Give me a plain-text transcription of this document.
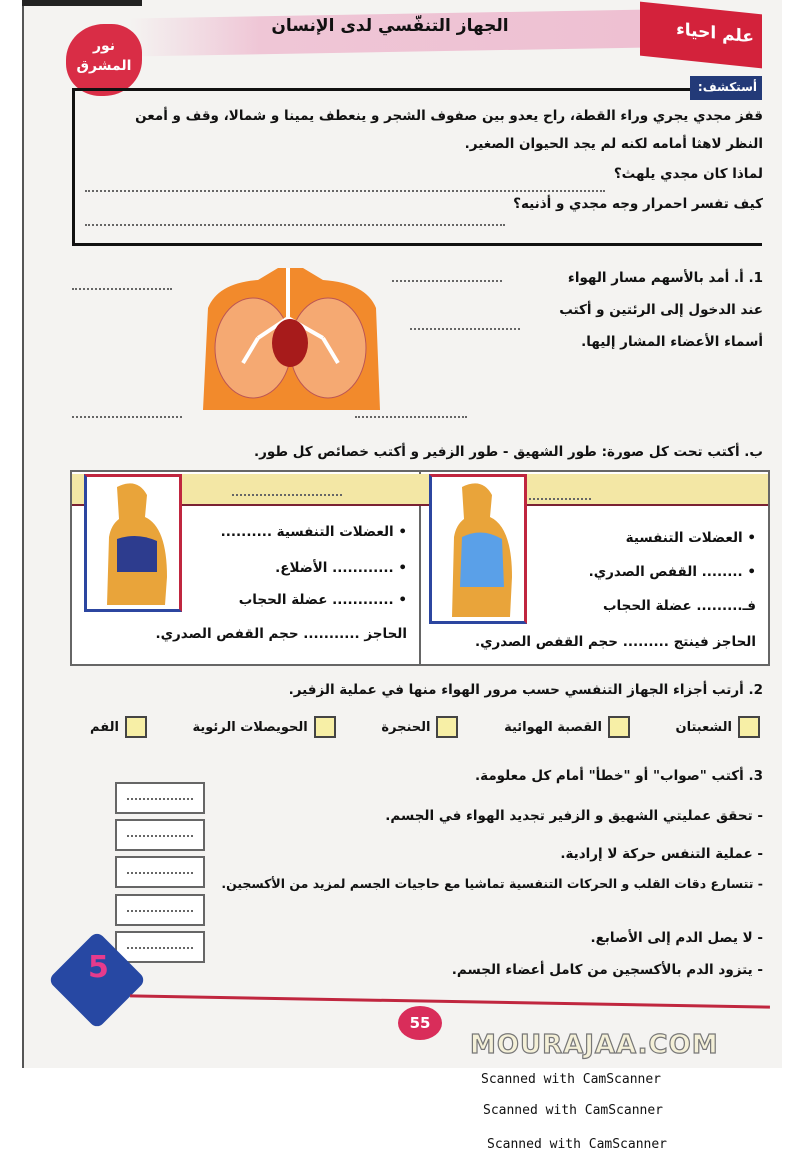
الجهاز التنفّسي لدى الإنسان	علم احياء
نور المشرق
أستكشف:
قفز مجدي يجري وراء القطة، راح يعدو بين صفوف الشجر و ينعطف يمينا و شمالا، وقف و أمعن
النظر لاهثا أمامه لكنه لم يجد الحيوان الصغير.
لماذا كان مجدي يلهث؟
كيف تفسر احمرار وجه مجدي و أذنيه؟
1. أ. أمد بالأسهم مسار الهواء
عند الدخول إلى الرئتين و أكتب
أسماء الأعضاء المشار إليها.
ب. أكتب تحت كل صورة: طور الشهيق - طور الزفير و أكتب خصائص كل طور.
• العضلات التنفسية
• ........ القفص الصدري.
فـ......... عضلة الحجاب
الحاجز فينتج ......... حجم القفص الصدري.
• العضلات التنفسية ..........
• ............ الأضلاع.
• ............ عضلة الحجاب
الحاجز ........... حجم القفص الصدري.
2. أرتب أجزاء الجهاز التنفسي حسب مرور الهواء منها في عملية الزفير.
الفم	الحويصلات الرئوية	الحنجرة	القصبة الهوائية	الشعبتان
3. أكتب "صواب" أو "خطأ" أمام كل معلومة.
- تحقق عمليتي الشهيق و الزفير تجديد الهواء في الجسم.
- عملية التنفس حركة لا إرادية.
- تتسارع دقات القلب و الحركات التنفسية تماشيا مع حاجيات الجسم لمزيد من الأكسجين.
- لا يصل الدم إلى الأصابع.
- يتزود الدم بالأكسجين من كامل أعضاء الجسم.
5
55
MOURAJAA.COM
Scanned with CamScanner
Scanned with CamScanner
Scanned with CamScanner
